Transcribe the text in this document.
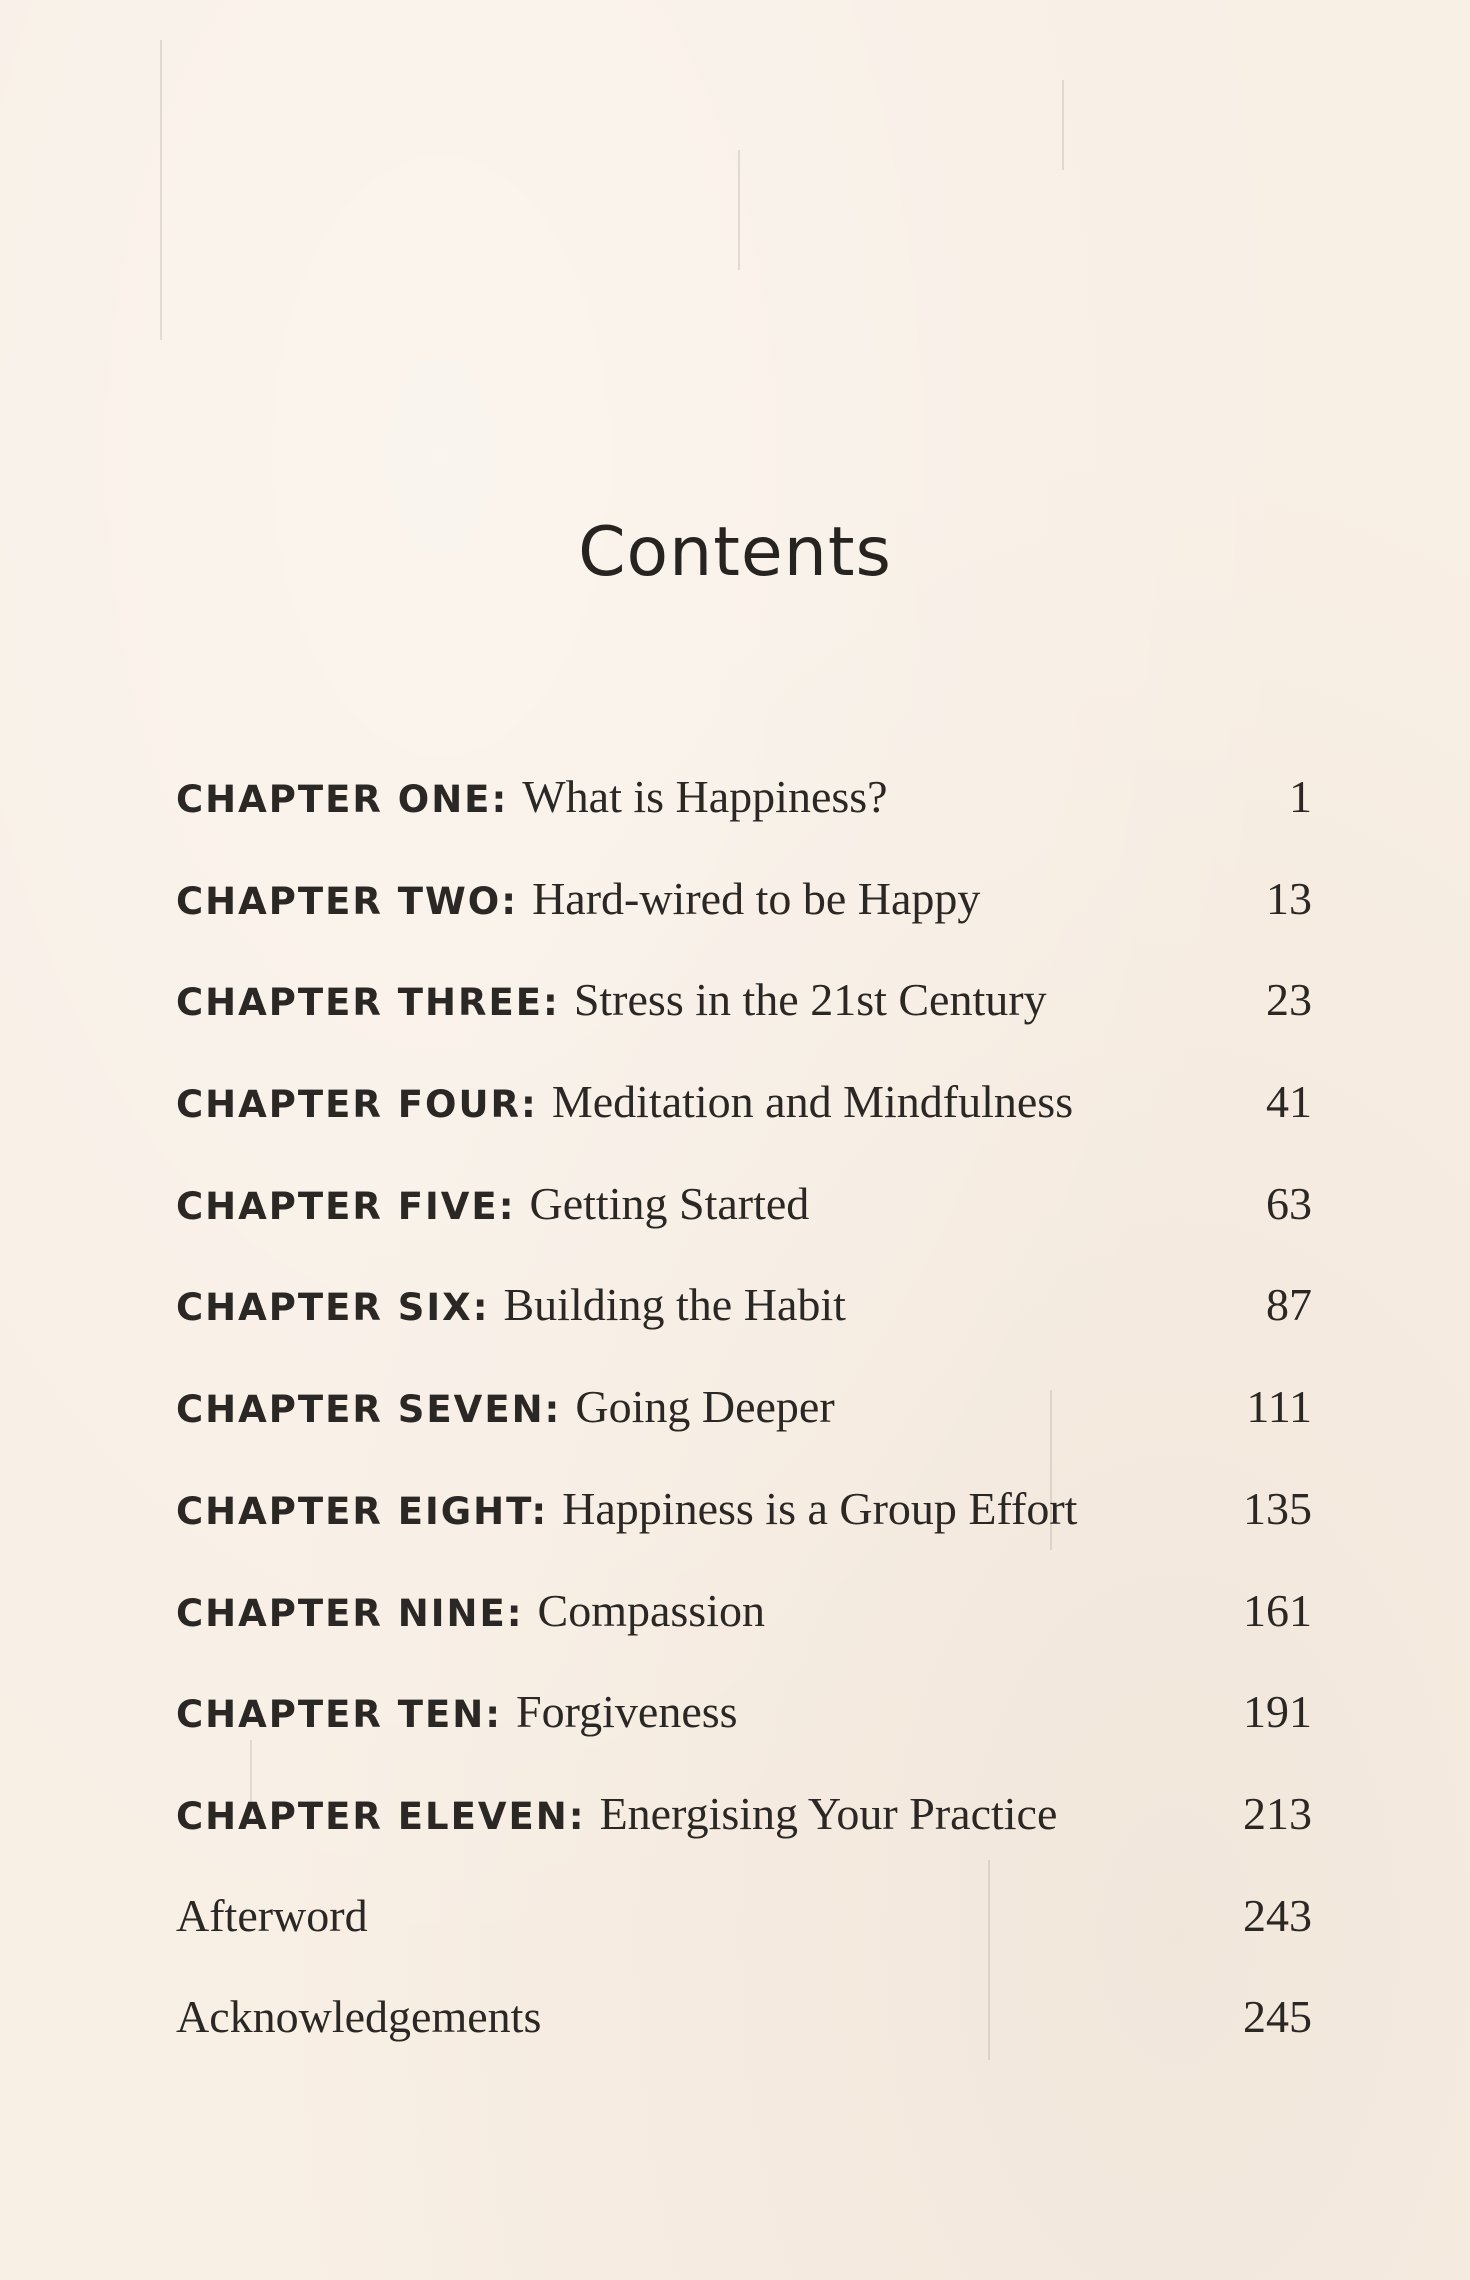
Contents
CHAPTER ONE: What is Happiness?	1
CHAPTER TWO: Hard-wired to be Happy	13
CHAPTER THREE: Stress in the 21st Century	23
CHAPTER FOUR: Meditation and Mindfulness	41
CHAPTER FIVE: Getting Started	63
CHAPTER SIX: Building the Habit	87
CHAPTER SEVEN: Going Deeper	111
CHAPTER EIGHT: Happiness is a Group Effort	135
CHAPTER NINE: Compassion	161
CHAPTER TEN: Forgiveness	191
CHAPTER ELEVEN: Energising Your Practice	213
Afterword	243
Acknowledgements	245
